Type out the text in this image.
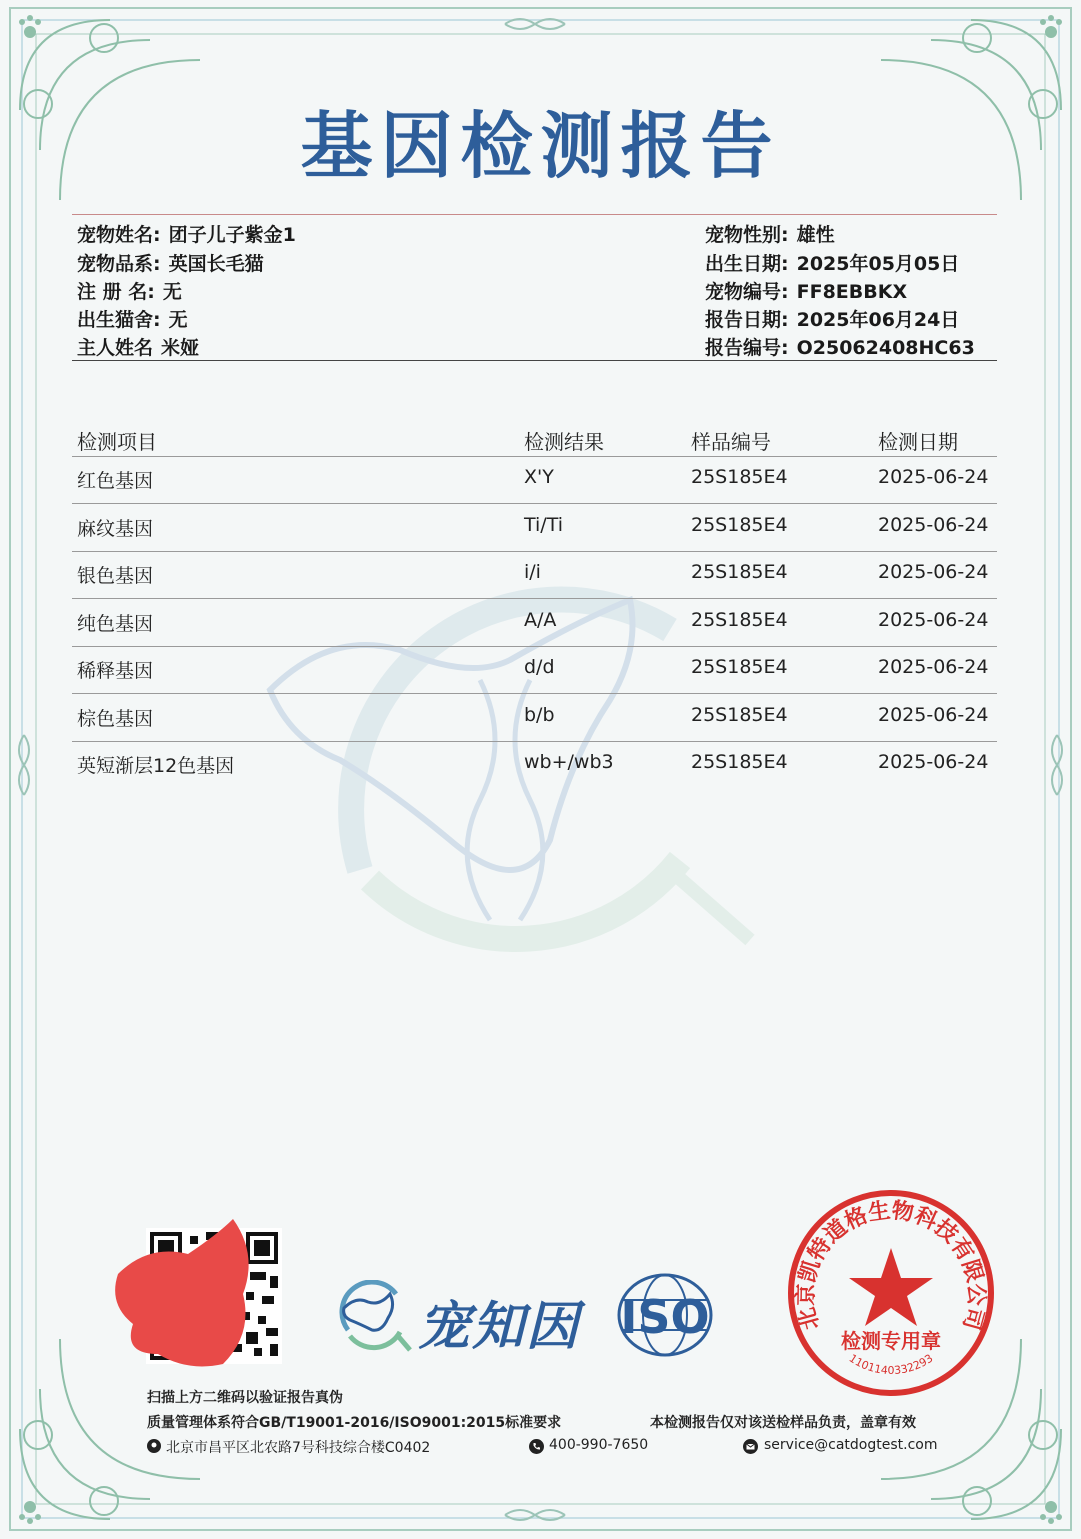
基因检测报告
宠物姓名: 团子儿子紫金1
宠物品系: 英国长毛猫
注 册 名: 无
出生猫舍: 无
主人姓名 米娅
宠物性别: 雄性
出生日期: 2025年05月05日
宠物编号: FF8EBBKX
报告日期: 2025年06月24日
报告编号: O25062408HC63
检测项目	检测结果	样品编号	检测日期
红色基因	X'Y	25S185E4	2025-06-24
麻纹基因	Ti/Ti	25S185E4	2025-06-24
银色基因	i/i	25S185E4	2025-06-24
纯色基因	A/A	25S185E4	2025-06-24
稀释基因	d/d	25S185E4	2025-06-24
棕色基因	b/b	25S185E4	2025-06-24
英短渐层12色基因	wb+/wb3	25S185E4	2025-06-24
宠知因 ISO	北京凯特道格生物科技有限公司
检测专用章
1101140332293
扫描上方二维码以验证报告真伪
质量管理体系符合GB/T19001-2016/ISO9001:2015标准要求	本检测报告仅对该送检样品负责，盖章有效
北京市昌平区北农路7号科技综合楼C0402	400-990-7650	service@catdogtest.com
